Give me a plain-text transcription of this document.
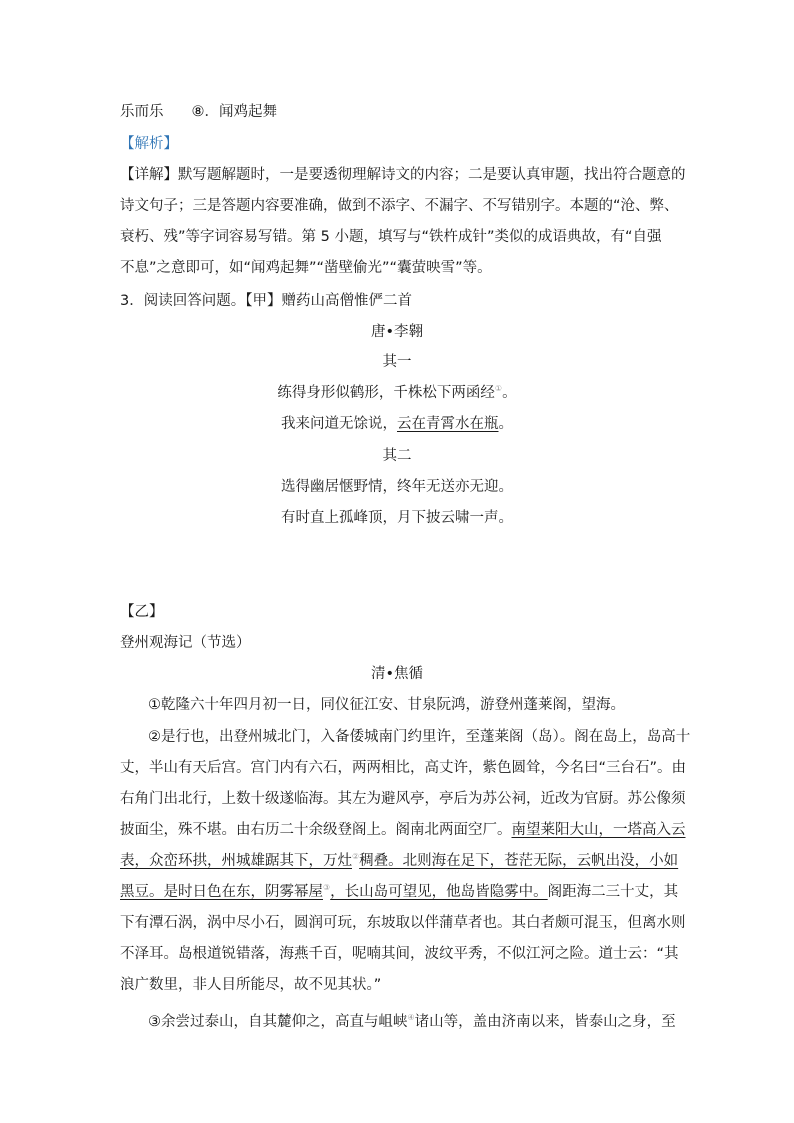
乐而乐 ⑧．闻鸡起舞
【解析】
【详解】默写题解题时，一是要透彻理解诗文的内容；二是要认真审题，找出符合题意的
诗文句子；三是答题内容要准确，做到不添字、不漏字、不写错别字。本题的“沧、弊、
衰朽、残”等字词容易写错。第 5 小题，填写与“铁杵成针”类似的成语典故，有“自强
不息”之意即可，如“闻鸡起舞”“凿壁偷光”“囊萤映雪”等。
3．阅读回答问题。【甲】赠药山高僧惟俨二首
唐•李翱
其一
练得身形似鹤形，千株松下两函经①。
我来问道无馀说，云在青霄水在瓶。
其二
选得幽居惬野情，终年无送亦无迎。
有时直上孤峰顶，月下披云啸一声。
【乙】
登州观海记（节选）
清•焦循
①乾隆六十年四月初一日，同仪征江安、甘泉阮鸿，游登州蓬莱阁，望海。
②是行也，出登州城北门，入备倭城南门约里许，至蓬莱阁（岛）。阁在岛上，岛高十
丈，半山有天后宫。宫门内有六石，两两相比，高丈许，紫色圆耸，今名曰“三台石”。由
右角门出北行，上数十级遂临海。其左为避风亭，亭后为苏公祠，近改为官厨。苏公像须
披面尘，殊不堪。由右历二十余级登阁上。阁南北两面空厂。南望莱阳大山，一塔高入云
表，众峦环拱，州城雄踞其下，万灶②稠叠。北则海在足下，苍茫无际，云帆出没，小如
黑豆。是时日色在东，阴雾幂屋③，长山岛可望见，他岛皆隐雾中。阁距海二三十丈，其
下有潭石涡，涡中尽小石，圆润可玩，东坡取以伴蒲草者也。其白者颇可混玉，但离水则
不泽耳。岛根道锐错落，海燕千百，呢喃其间，波纹平秀，不似江河之险。道士云：“其
浪广数里，非人目所能尽，故不见其状。”
③余尝过泰山，自其麓仰之，高直与岨峡④诸山等，盖由济南以来，皆泰山之身，至
